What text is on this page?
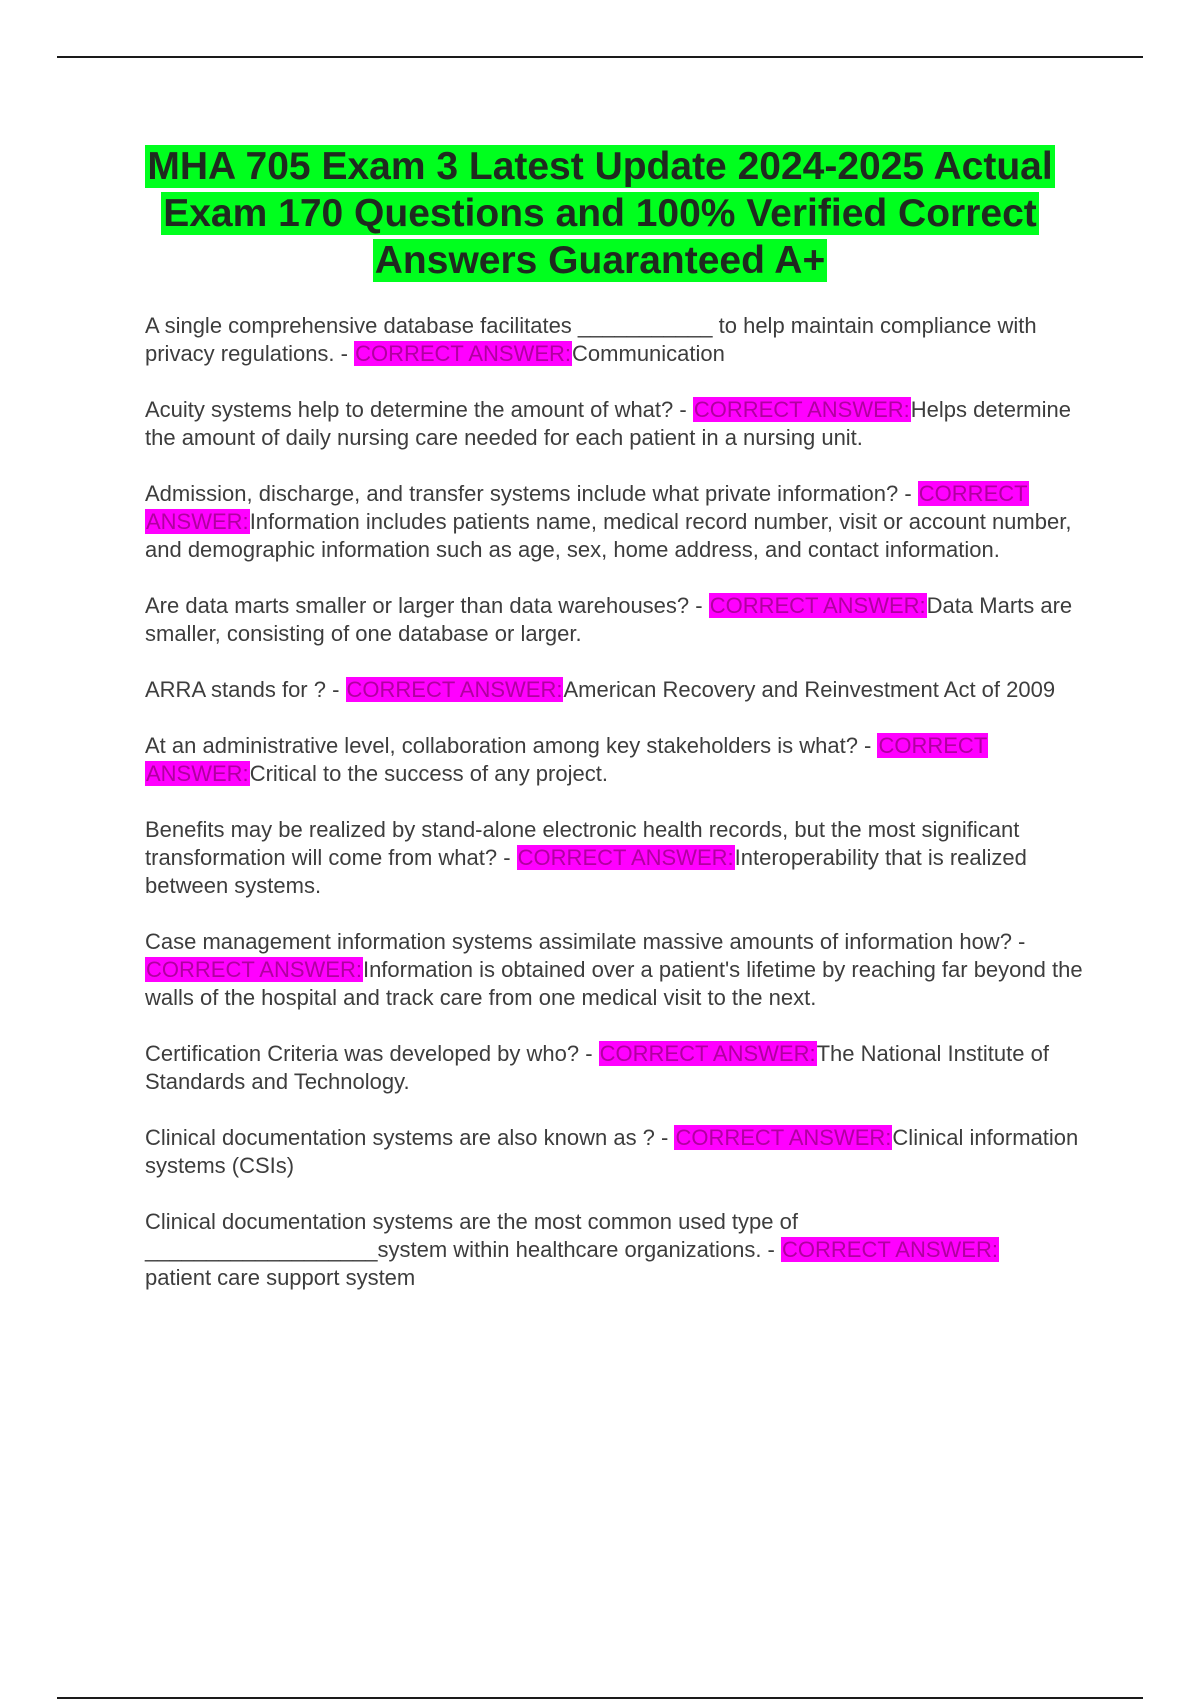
MHA 705 Exam 3 Latest Update 2024-2025 Actual Exam 170 Questions and 100% Verified Correct Answers Guaranteed A+

A single comprehensive database facilitates ___________ to help maintain compliance with privacy regulations. - CORRECT ANSWER:Communication

Acuity systems help to determine the amount of what? - CORRECT ANSWER:Helps determine the amount of daily nursing care needed for each patient in a nursing unit.

Admission, discharge, and transfer systems include what private information? - CORRECT ANSWER:Information includes patients name, medical record number, visit or account number, and demographic information such as age, sex, home address, and contact information.

Are data marts smaller or larger than data warehouses? - CORRECT ANSWER:Data Marts are smaller, consisting of one database or larger.

ARRA stands for ? - CORRECT ANSWER:American Recovery and Reinvestment Act of 2009

At an administrative level, collaboration among key stakeholders is what? - CORRECT ANSWER:Critical to the success of any project.

Benefits may be realized by stand-alone electronic health records, but the most significant transformation will come from what? - CORRECT ANSWER:Interoperability that is realized between systems.

Case management information systems assimilate massive amounts of information how? - CORRECT ANSWER:Information is obtained over a patient's lifetime by reaching far beyond the walls of the hospital and track care from one medical visit to the next.

Certification Criteria was developed by who? - CORRECT ANSWER:The National Institute of Standards and Technology.

Clinical documentation systems are also known as ? - CORRECT ANSWER:Clinical information systems (CSIs)

Clinical documentation systems are the most common used type of ___________________system within healthcare organizations. - CORRECT ANSWER:
patient care support system
